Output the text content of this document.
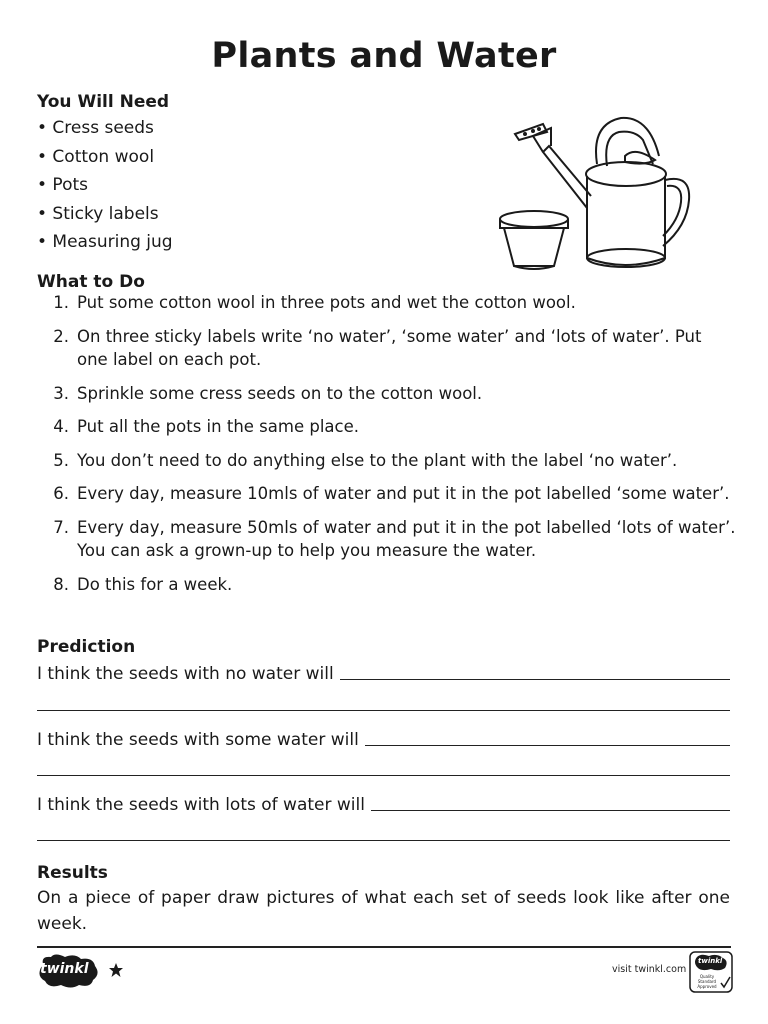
Plants and Water
You Will Need
• Cress seeds
• Cotton wool
• Pots
• Sticky labels
• Measuring jug
What to Do
1. Put some cotton wool in three pots and wet the cotton wool.
2. On three sticky labels write ‘no water’, ‘some water’ and ‘lots of water’. Put one label on each pot.
3. Sprinkle some cress seeds on to the cotton wool.
4. Put all the pots in the same place.
5. You don’t need to do anything else to the plant with the label ‘no water’.
6. Every day, measure 10mls of water and put it in the pot labelled ‘some water’.
7. Every day, measure 50mls of water and put it in the pot labelled ‘lots of water’. You can ask a grown-up to help you measure the water.
8. Do this for a week.
Prediction
I think the seeds with no water will
I think the seeds with some water will
I think the seeds with lots of water will
Results
On a piece of paper draw pictures of what each set of seeds look like after one week.
twinkl	visit twinkl.com
twinkl
Quality Standard Approved
